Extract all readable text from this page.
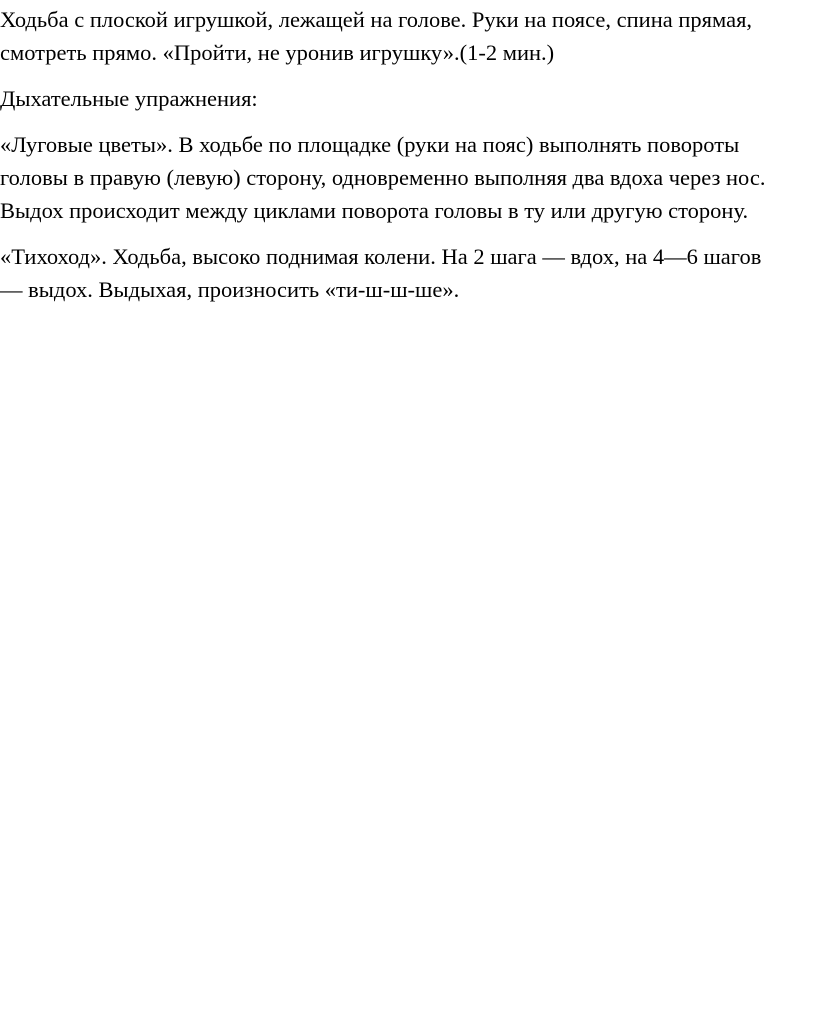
Ходьба с плоской игрушкой, лежащей на голове. Руки на поясе, спина прямая,
смотреть прямо. «Пройти, не уронив игрушку».(1-2 мин.)

Дыхательные упражнения:

«Луговые цветы». В ходьбе по площадке (руки на пояс) выполнять повороты
головы в правую (левую) сторону, одновременно выполняя два вдоха через нос.
Выдох происходит между циклами поворота головы в ту или другую сторону.

«Тихоход». Ходьба, высоко поднимая колени. На 2 шага — вдох, на 4—6 шагов
— выдох. Выдыхая, произносить «ти-ш-ш-ше».
